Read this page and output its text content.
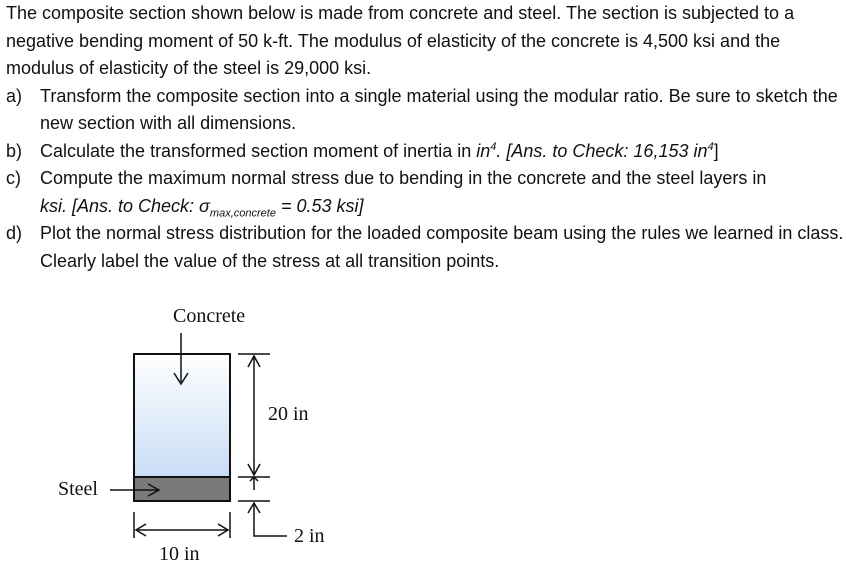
The composite section shown below is made from concrete and steel. The section is subjected to a negative bending moment of 50 k-ft. The modulus of elasticity of the concrete is 4,500 ksi and the modulus of elasticity of the steel is 29,000 ksi.

a) Transform the composite section into a single material using the modular ratio. Be sure to sketch the new section with all dimensions.
b) Calculate the transformed section moment of inertia in $in^4$. [Ans. to Check: 16,153 $in^4$]
c)	Compute the maximum normal stress due to bending in the concrete and the steel layers in
ksi. [Ans. to Check: $\sigma_{max,concrete} = 0.53$ ksi]
d) Plot the normal stress distribution for the loaded composite beam using the rules we learned in class. Clearly label the value of the stress at all transition points.
Concrete
Steel
20 in
2 in
10 in
